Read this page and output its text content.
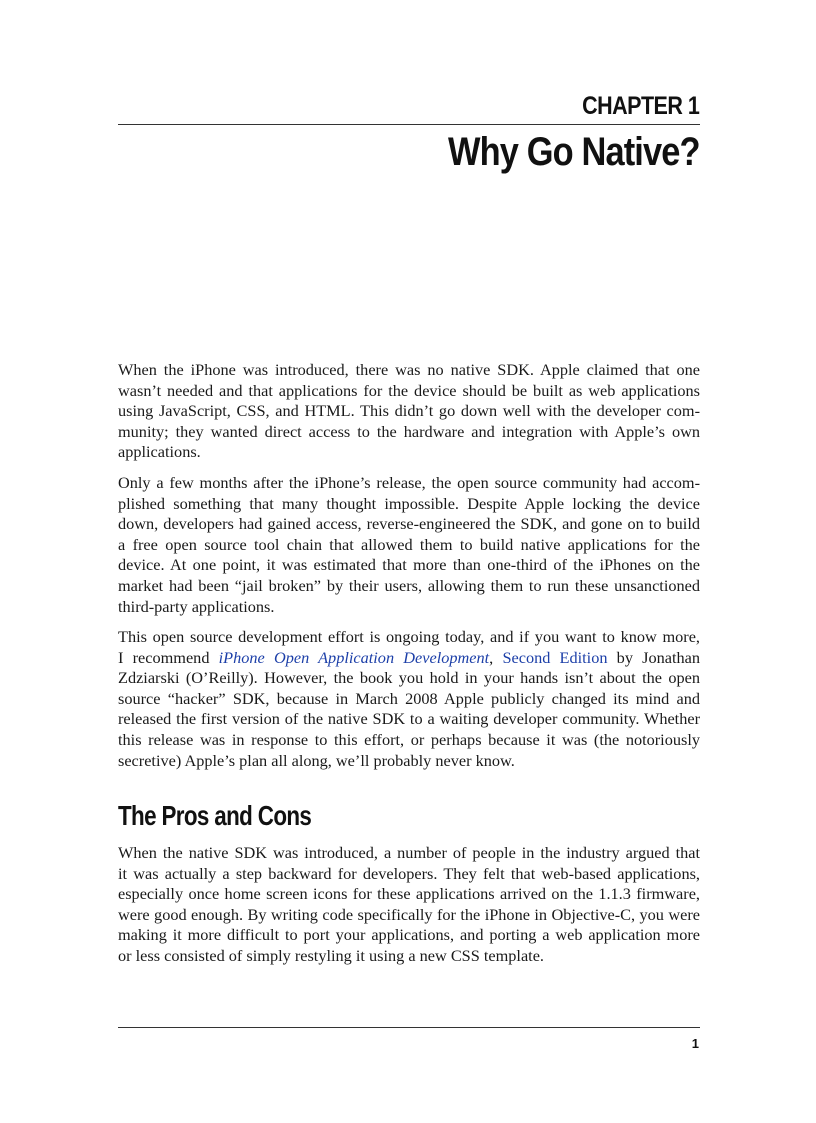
CHAPTER 1
Why Go Native?

When the iPhone was introduced, there was no native SDK. Apple claimed that one
wasn’t needed and that applications for the device should be built as web applications
using JavaScript, CSS, and HTML. This didn’t go down well with the developer com-
munity; they wanted direct access to the hardware and integration with Apple’s own
applications.

Only a few months after the iPhone’s release, the open source community had accom-
plished something that many thought impossible. Despite Apple locking the device
down, developers had gained access, reverse-engineered the SDK, and gone on to build
a free open source tool chain that allowed them to build native applications for the
device. At one point, it was estimated that more than one-third of the iPhones on the
market had been “jail broken” by their users, allowing them to run these unsanctioned
third-party applications.

This open source development effort is ongoing today, and if you want to know more,
I recommend iPhone Open Application Development, Second Edition by Jonathan
Zdziarski (O’Reilly). However, the book you hold in your hands isn’t about the open
source “hacker” SDK, because in March 2008 Apple publicly changed its mind and
released the first version of the native SDK to a waiting developer community. Whether
this release was in response to this effort, or perhaps because it was (the notoriously
secretive) Apple’s plan all along, we’ll probably never know.

The Pros and Cons

When the native SDK was introduced, a number of people in the industry argued that
it was actually a step backward for developers. They felt that web-based applications,
especially once home screen icons for these applications arrived on the 1.1.3 firmware,
were good enough. By writing code specifically for the iPhone in Objective-C, you were
making it more difficult to port your applications, and porting a web application more
or less consisted of simply restyling it using a new CSS template.

1
